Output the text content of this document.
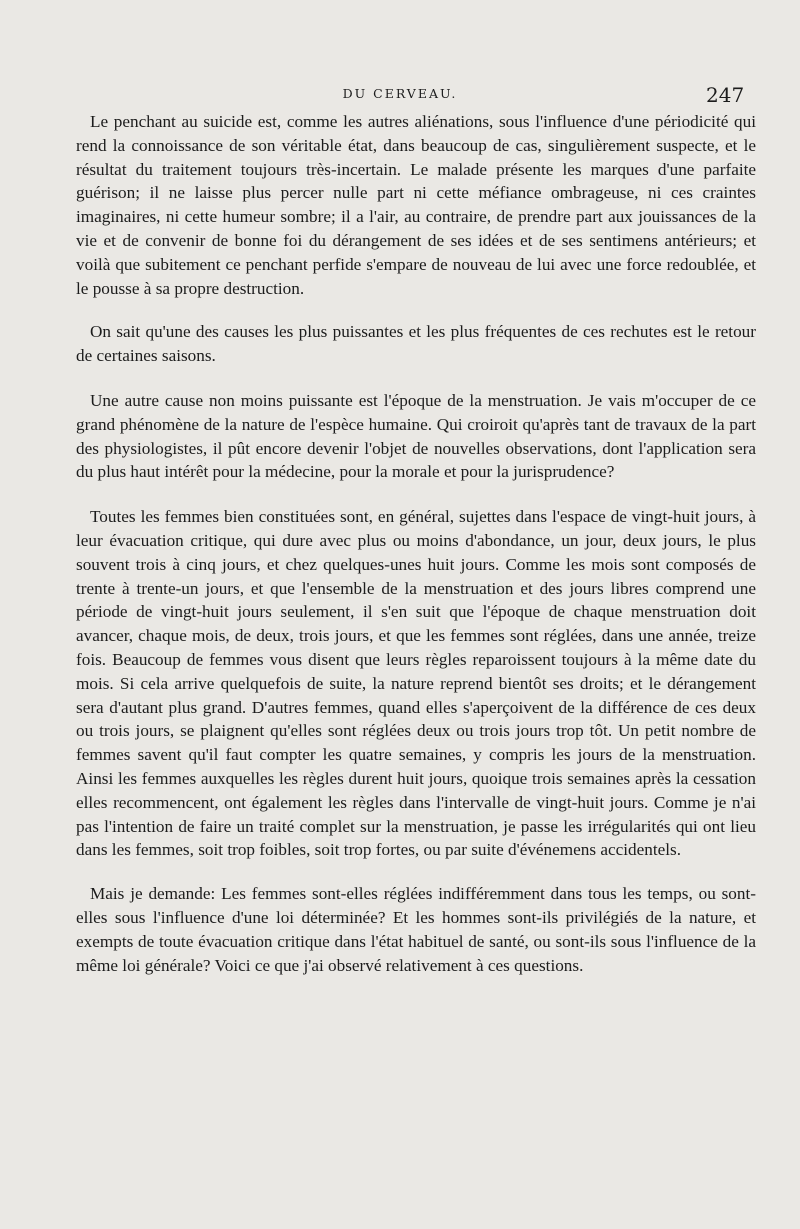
DU CERVEAU.	247

Le penchant au suicide est, comme les autres aliénations, sous l'influence d'une périodicité qui rend la connoissance de son véritable état, dans beaucoup de cas, singulièrement suspecte, et le résultat du traitement toujours très-incertain. Le malade présente les marques d'une parfaite guérison; il ne laisse plus percer nulle part ni cette méfiance ombrageuse, ni ces craintes imaginaires, ni cette humeur sombre; il a l'air, au contraire, de prendre part aux jouissances de la vie et de convenir de bonne foi du dérangement de ses idées et de ses sentimens antérieurs; et voilà que subitement ce penchant perfide s'empare de nouveau de lui avec une force redoublée, et le pousse à sa propre destruction.

On sait qu'une des causes les plus puissantes et les plus fréquentes de ces rechutes est le retour de certaines saisons.

Une autre cause non moins puissante est l'époque de la menstruation. Je vais m'occuper de ce grand phénomène de la nature de l'espèce humaine. Qui croiroit qu'après tant de travaux de la part des physiologistes, il pût encore devenir l'objet de nouvelles observations, dont l'application sera du plus haut intérêt pour la médecine, pour la morale et pour la jurisprudence?

Toutes les femmes bien constituées sont, en général, sujettes dans l'espace de vingt-huit jours, à leur évacuation critique, qui dure avec plus ou moins d'abondance, un jour, deux jours, le plus souvent trois à cinq jours, et chez quelques-unes huit jours. Comme les mois sont composés de trente à trente-un jours, et que l'ensemble de la menstruation et des jours libres comprend une période de vingt-huit jours seulement, il s'en suit que l'époque de chaque menstruation doit avancer, chaque mois, de deux, trois jours, et que les femmes sont réglées, dans une année, treize fois. Beaucoup de femmes vous disent que leurs règles reparoissent toujours à la même date du mois. Si cela arrive quelquefois de suite, la nature reprend bientôt ses droits; et le dérangement sera d'autant plus grand. D'autres femmes, quand elles s'aperçoivent de la différence de ces deux ou trois jours, se plaignent qu'elles sont réglées deux ou trois jours trop tôt. Un petit nombre de femmes savent qu'il faut compter les quatre semaines, y compris les jours de la menstruation. Ainsi les femmes auxquelles les règles durent huit jours, quoique trois semaines après la cessation elles recommencent, ont également les règles dans l'intervalle de vingt-huit jours. Comme je n'ai pas l'intention de faire un traité complet sur la menstruation, je passe les irrégularités qui ont lieu dans les femmes, soit trop foibles, soit trop fortes, ou par suite d'événemens accidentels.

Mais je demande: Les femmes sont-elles réglées indifféremment dans tous les temps, ou sont-elles sous l'influence d'une loi déterminée? Et les hommes sont-ils privilégiés de la nature, et exempts de toute évacuation critique dans l'état habituel de santé, ou sont-ils sous l'influence de la même loi générale? Voici ce que j'ai observé relativement à ces questions.
